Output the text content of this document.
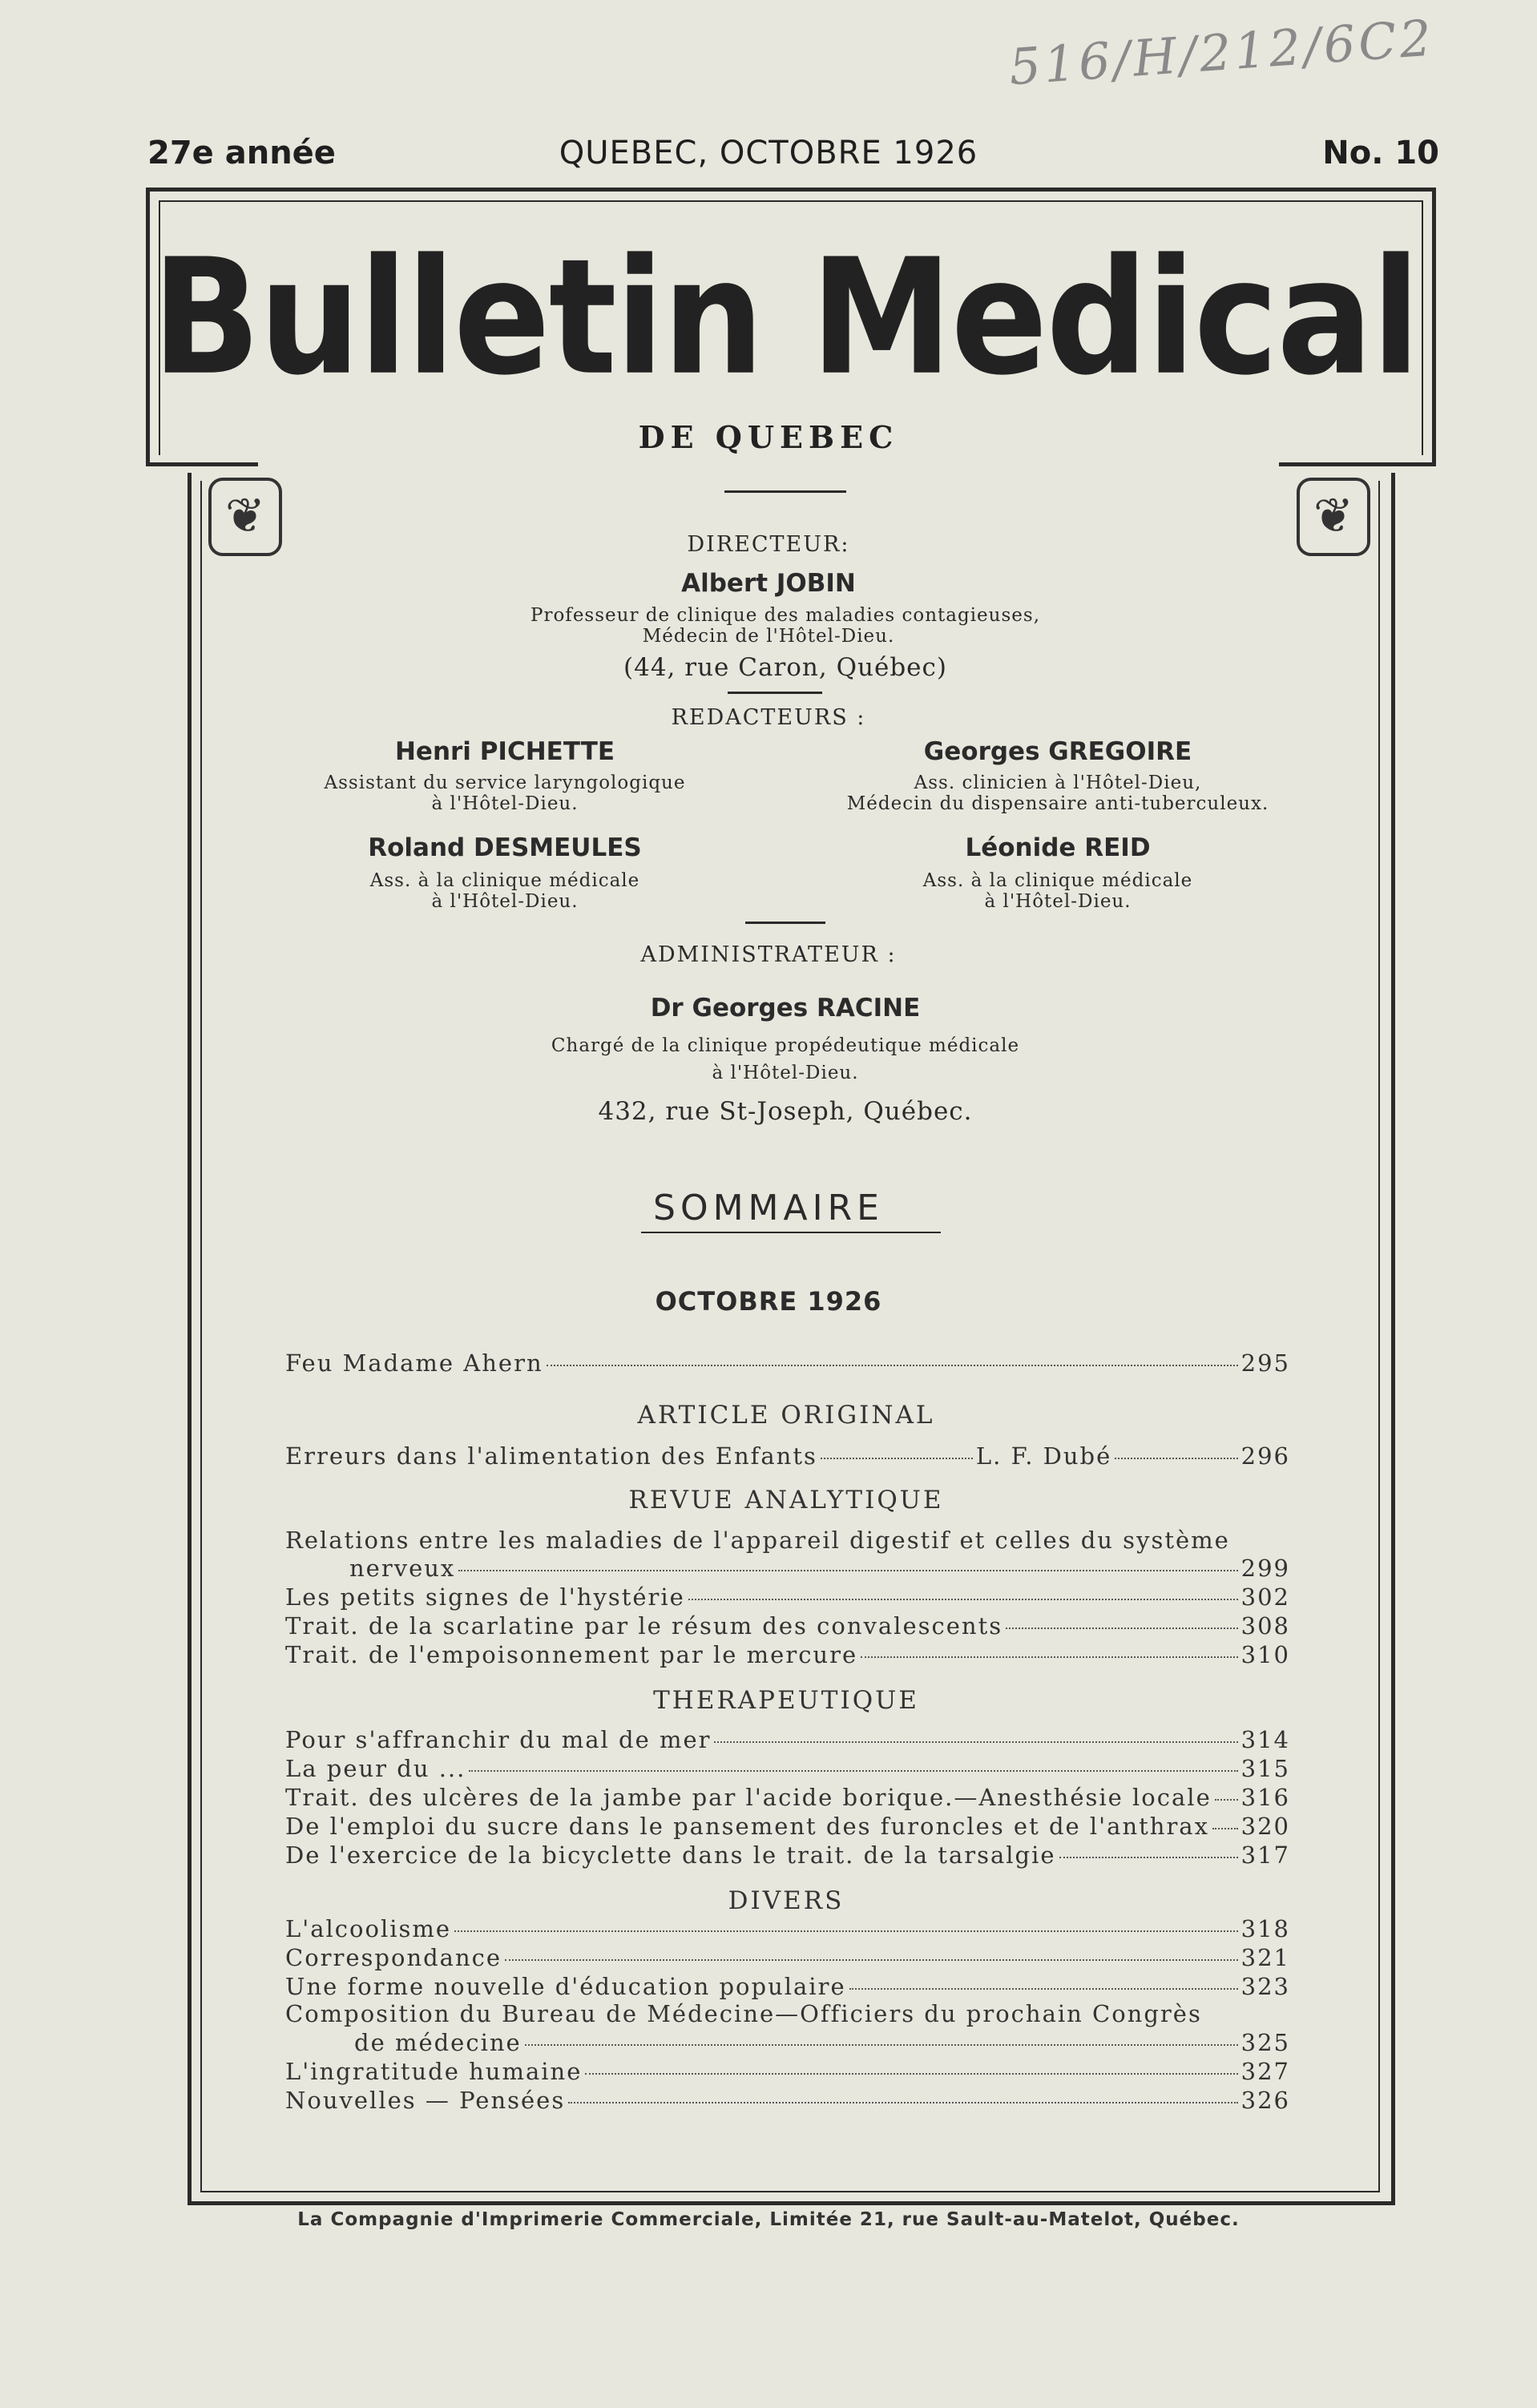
516/H/212/6C2
27e année	QUEBEC, OCTOBRE 1926	No. 10
Bulletin Medical
DE QUEBEC
❦	❦
DIRECTEUR:
Albert JOBIN
Professeur de clinique des maladies contagieuses,
Médecin de l'Hôtel-Dieu.
(44, rue Caron, Québec)
REDACTEURS :
Henri PICHETTE
Assistant du service laryngologique
à l'Hôtel-Dieu.
Georges GREGOIRE
Ass. clinicien à l'Hôtel-Dieu,
Médecin du dispensaire anti-tuberculeux.
Roland DESMEULES
Ass. à la clinique médicale
à l'Hôtel-Dieu.
Léonide REID
Ass. à la clinique médicale
à l'Hôtel-Dieu.
ADMINISTRATEUR :
Dr Georges RACINE
Chargé de la clinique propédeutique médicale
à l'Hôtel-Dieu.
432, rue St-Joseph, Québec.
SOMMAIRE
OCTOBRE 1926
Feu Madame Ahern	295
ARTICLE ORIGINAL
Erreurs dans l'alimentation des Enfants	L. F. Dubé	296
REVUE ANALYTIQUE
Relations entre les maladies de l'appareil digestif et celles du système
nerveux	299
Les petits signes de l'hystérie	302
Trait. de la scarlatine par le résum des convalescents	308
Trait. de l'empoisonnement par le mercure	310
THERAPEUTIQUE
Pour s'affranchir du mal de mer	314
La peur du ...	315
Trait. des ulcères de la jambe par l'acide borique.—Anesthésie locale 316
De l'emploi du sucre dans le pansement des furoncles et de l'anthrax 320
De l'exercice de la bicyclette dans le trait. de la tarsalgie	317
DIVERS
L'alcoolisme	318
Correspondance	321
Une forme nouvelle d'éducation populaire	323
Composition du Bureau de Médecine—Officiers du prochain Congrès
de médecine	325
L'ingratitude humaine	327
Nouvelles — Pensées	326
La Compagnie d'Imprimerie Commerciale, Limitée 21, rue Sault-au-Matelot, Québec.
